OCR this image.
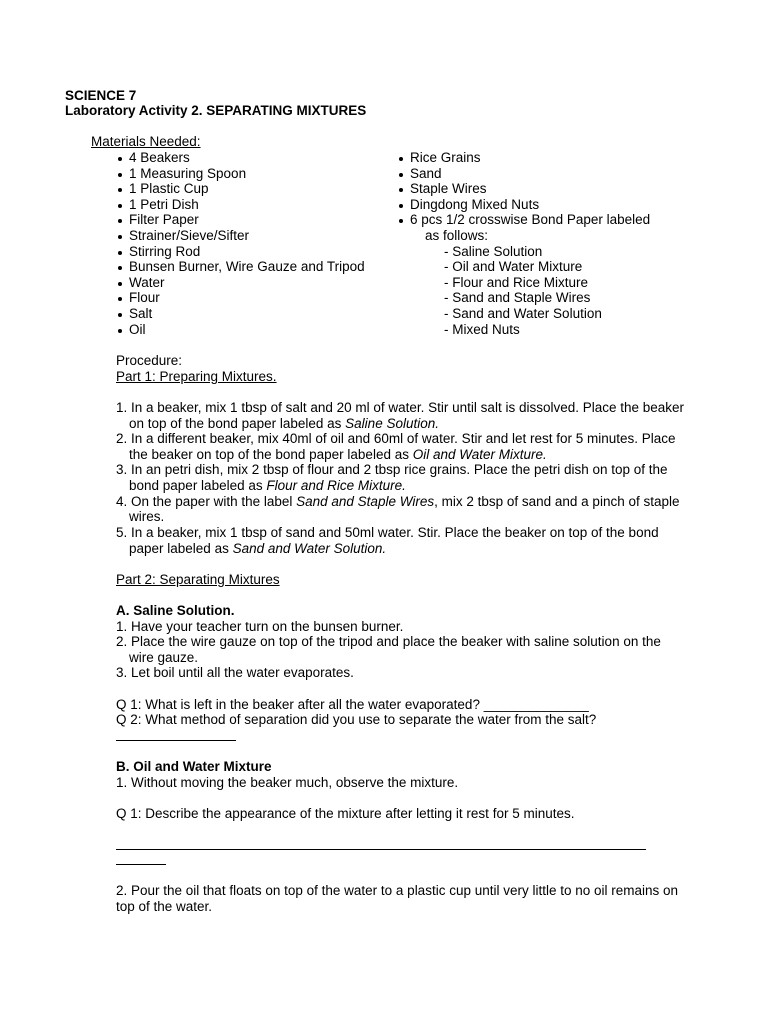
SCIENCE 7
Laboratory Activity 2. SEPARATING MIXTURES
Materials Needed:
4 Beakers
1 Measuring Spoon
1 Plastic Cup
1 Petri Dish
Filter Paper
Strainer/Sieve/Sifter
Stirring Rod
Bunsen Burner, Wire Gauze and Tripod
Water
Flour
Salt
Oil
Rice Grains
Sand
Staple Wires
Dingdong Mixed Nuts
6 pcs 1/2 crosswise Bond Paper labeled
as follows:
- Saline Solution
- Oil and Water Mixture
- Flour and Rice Mixture
- Sand and Staple Wires
- Sand and Water Solution
- Mixed Nuts
Procedure:
Part 1: Preparing Mixtures.
1. In a beaker, mix 1 tbsp of salt and 20 ml of water. Stir until salt is dissolved. Place the beaker
on top of the bond paper labeled as Saline Solution.
2. In a different beaker, mix 40ml of oil and 60ml of water. Stir and let rest for 5 minutes. Place
the beaker on top of the bond paper labeled as Oil and Water Mixture.
3. In an petri dish, mix 2 tbsp of flour and 2 tbsp rice grains. Place the petri dish on top of the
bond paper labeled as Flour and Rice Mixture.
4. On the paper with the label Sand and Staple Wires, mix 2 tbsp of sand and a pinch of staple
wires.
5. In a beaker, mix 1 tbsp of sand and 50ml water. Stir. Place the beaker on top of the bond
paper labeled as Sand and Water Solution.
Part 2: Separating Mixtures
A. Saline Solution.
1. Have your teacher turn on the bunsen burner.
2. Place the wire gauze on top of the tripod and place the beaker with saline solution on the
wire gauze.
3. Let boil until all the water evaporates.
Q 1: What is left in the beaker after all the water evaporated? ______________
Q 2: What method of separation did you use to separate the water from the salt?
B. Oil and Water Mixture
1. Without moving the beaker much, observe the mixture.
Q 1: Describe the appearance of the mixture after letting it rest for 5 minutes.
2. Pour the oil that floats on top of the water to a plastic cup until very little to no oil remains on
top of the water.
